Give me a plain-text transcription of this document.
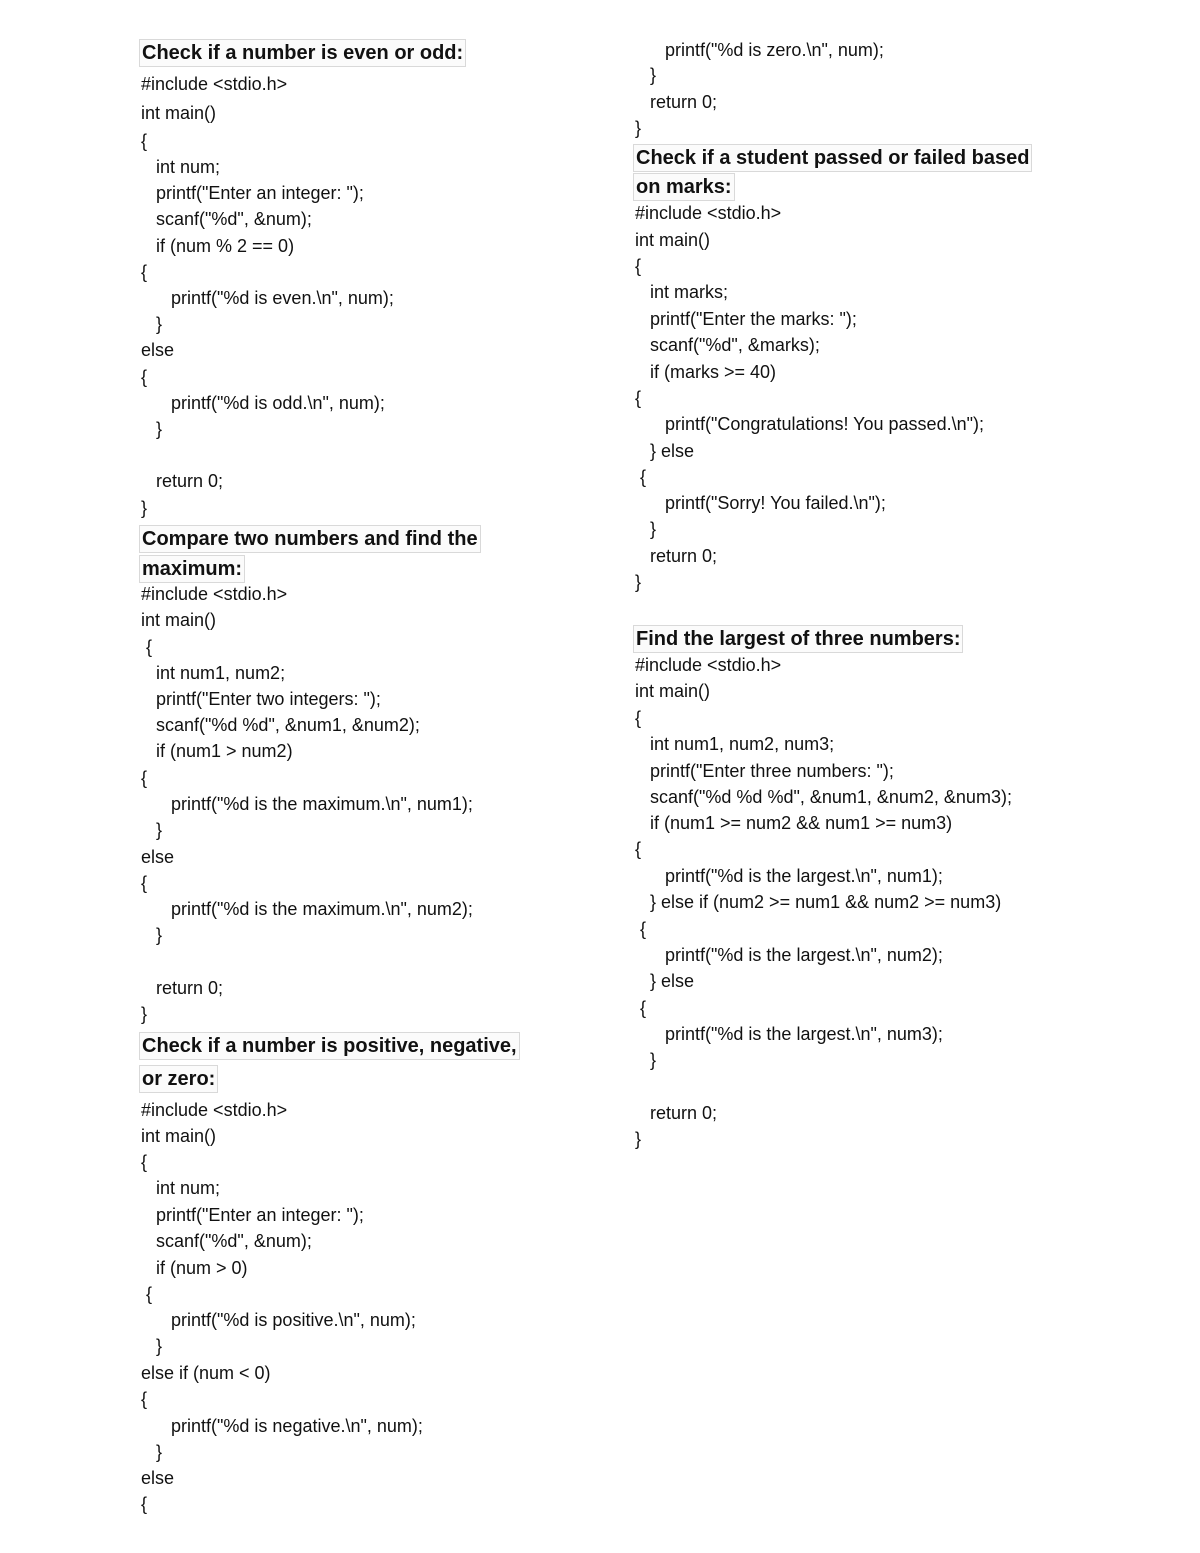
Check if a number is even or odd:
#include <stdio.h>
int main()
{
int num;
printf("Enter an integer: ");
scanf("%d", &num);
if (num % 2 == 0)
{
printf("%d is even.\n", num);
}
else
{
printf("%d is odd.\n", num);
}
return 0;
}
Compare two numbers and find the
maximum:
#include <stdio.h>
int main()
{
int num1, num2;
printf("Enter two integers: ");
scanf("%d %d", &num1, &num2);
if (num1 > num2)
{
printf("%d is the maximum.\n", num1);
}
else
{
printf("%d is the maximum.\n", num2);
}
return 0;
}
Check if a number is positive, negative,
or zero:
#include <stdio.h>
int main()
{
int num;
printf("Enter an integer: ");
scanf("%d", &num);
if (num > 0)
{
printf("%d is positive.\n", num);
}
else if (num < 0)
{
printf("%d is negative.\n", num);
}
else
{
printf("%d is zero.\n", num);
}
return 0;
}
Check if a student passed or failed based
on marks:
#include <stdio.h>
int main()
{
int marks;
printf("Enter the marks: ");
scanf("%d", &marks);
if (marks >= 40)
{
printf("Congratulations! You passed.\n");
} else
{
printf("Sorry! You failed.\n");
}
return 0;
}
Find the largest of three numbers:
#include <stdio.h>
int main()
{
int num1, num2, num3;
printf("Enter three numbers: ");
scanf("%d %d %d", &num1, &num2, &num3);
if (num1 >= num2 && num1 >= num3)
{
printf("%d is the largest.\n", num1);
} else if (num2 >= num1 && num2 >= num3)
{
printf("%d is the largest.\n", num2);
} else
{
printf("%d is the largest.\n", num3);
}
return 0;
}
